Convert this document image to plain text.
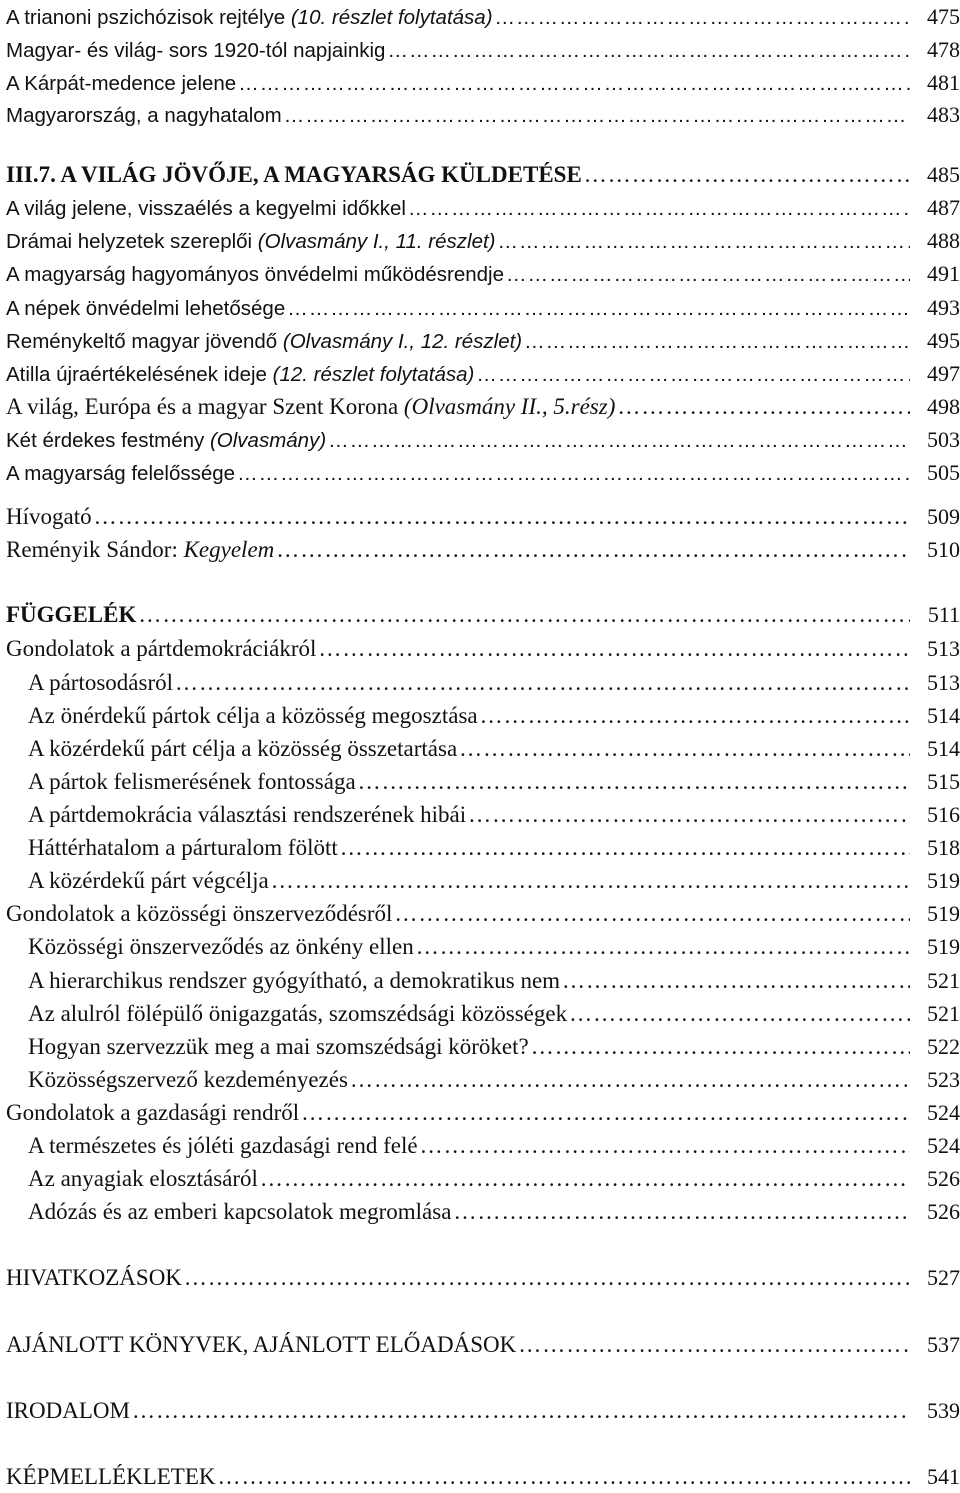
A trianoni pszichózisok rejtélye (10. részlet folytatása) …………………………………………………………………………………………………………………………………………………………………………	475
Magyar- és világ- sors 1920-tól napjainkig …………………………………………………………………………………………………………………………………………………………………………	478
A Kárpát-medence jelene …………………………………………………………………………………………………………………………………………………………………………	481
Magyarország, a nagyhatalom …………………………………………………………………………………………………………………………………………………………………………	483
III.7. A VILÁG JÖVŐJE, A MAGYARSÁG KÜLDETÉSE …………………………………………………………………………………………………………………………………………………………………………	485
A világ jelene, visszaélés a kegyelmi időkkel …………………………………………………………………………………………………………………………………………………………………………	487
Drámai helyzetek szereplői (Olvasmány I., 11. részlet) …………………………………………………………………………………………………………………………………………………………………………	488
A magyarság hagyományos önvédelmi működésrendje …………………………………………………………………………………………………………………………………………………………………………	491
A népek önvédelmi lehetősége …………………………………………………………………………………………………………………………………………………………………………	493
Reménykeltő magyar jövendő (Olvasmány I., 12. részlet) …………………………………………………………………………………………………………………………………………………………………………	495
Atilla újraértékelésének ideje (12. részlet folytatása) …………………………………………………………………………………………………………………………………………………………………………	497
A világ, Európa és a magyar Szent Korona (Olvasmány II., 5.rész) …………………………………………………………………………………………………………………………………………………………………………	498
Két érdekes festmény (Olvasmány) …………………………………………………………………………………………………………………………………………………………………………	503
A magyarság felelőssége …………………………………………………………………………………………………………………………………………………………………………	505
Hívogató …………………………………………………………………………………………………………………………………………………………………………	509
Reményik Sándor: Kegyelem …………………………………………………………………………………………………………………………………………………………………………	510
FÜGGELÉK …………………………………………………………………………………………………………………………………………………………………………	511
Gondolatok a pártdemokráciákról …………………………………………………………………………………………………………………………………………………………………………	513
A pártosodásról …………………………………………………………………………………………………………………………………………………………………………	513
Az önérdekű pártok célja a közösség megosztása …………………………………………………………………………………………………………………………………………………………………………	514
A közérdekű párt célja a közösség összetartása …………………………………………………………………………………………………………………………………………………………………………	514
A pártok felismerésének fontossága …………………………………………………………………………………………………………………………………………………………………………	515
A pártdemokrácia választási rendszerének hibái …………………………………………………………………………………………………………………………………………………………………………	516
Háttérhatalom a párturalom fölött …………………………………………………………………………………………………………………………………………………………………………	518
A közérdekű párt végcélja …………………………………………………………………………………………………………………………………………………………………………	519
Gondolatok a közösségi önszerveződésről …………………………………………………………………………………………………………………………………………………………………………	519
Közösségi önszerveződés az önkény ellen …………………………………………………………………………………………………………………………………………………………………………	519
A hierarchikus rendszer gyógyítható, a demokratikus nem …………………………………………………………………………………………………………………………………………………………………………	521
Az alulról fölépülő önigazgatás, szomszédsági közösségek …………………………………………………………………………………………………………………………………………………………………………	521
Hogyan szervezzük meg a mai szomszédsági köröket? …………………………………………………………………………………………………………………………………………………………………………	522
Közösségszervező kezdeményezés …………………………………………………………………………………………………………………………………………………………………………	523
Gondolatok a gazdasági rendről …………………………………………………………………………………………………………………………………………………………………………	524
A természetes és jóléti gazdasági rend felé …………………………………………………………………………………………………………………………………………………………………………	524
Az anyagiak elosztásáról …………………………………………………………………………………………………………………………………………………………………………	526
Adózás és az emberi kapcsolatok megromlása …………………………………………………………………………………………………………………………………………………………………………	526
HIVATKOZÁSOK …………………………………………………………………………………………………………………………………………………………………………	527
AJÁNLOTT KÖNYVEK, AJÁNLOTT ELŐADÁSOK …………………………………………………………………………………………………………………………………………………………………………	537
IRODALOM …………………………………………………………………………………………………………………………………………………………………………	539
KÉPMELLÉKLETEK …………………………………………………………………………………………………………………………………………………………………………	541
